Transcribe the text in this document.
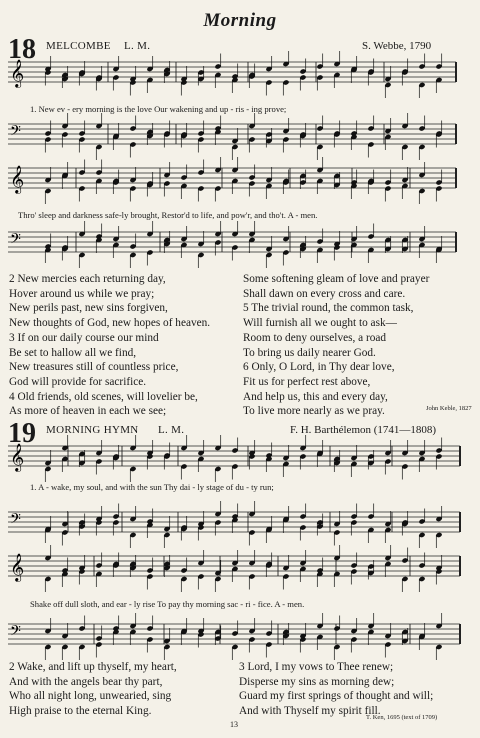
Morning
18 MELCOMBE L. M.	S. Webbe, 1790
𝄞
𝄢
𝄞
𝄢
𝄞
𝄢
𝄞
𝄢
1. New ev - ery morning is the love Our wakening and up - ris - ing prove;
Thro' sleep and darkness safe-ly brought, Restor'd to life, and pow'r, and tho't. A - men.
2 New mercies each returning day,
Hover around us while we pray;
New perils past, new sins forgiven,
New thoughts of God, new hopes of heaven.
3 If on our daily course our mind
Be set to hallow all we find,
New treasures still of countless price,
God will provide for sacrifice.
4 Old friends, old scenes, will lovelier be,
As more of heaven in each we see;
Some softening gleam of love and prayer
Shall dawn on every cross and care.
5 The trivial round, the common task,
Will furnish all we ought to ask—
Room to deny ourselves, a road
To bring us daily nearer God.
6 Only, O Lord, in Thy dear love,
Fit us for perfect rest above,
And help us, this and every day,
To live more nearly as we pray.	John Keble, 1827
19 MORNING HYMN L. M.	F. H. Barthélemon (1741—1808)
1. A - wake, my soul, and with the sun Thy dai - ly stage of du - ty run;
Shake off dull sloth, and ear - ly rise To pay thy morning sac - ri - fice. A - men.
2 Wake, and lift up thyself, my heart,
And with the angels bear thy part,
Who all night long, unwearied, sing
High praise to the eternal King.
3 Lord, I my vows to Thee renew;
Disperse my sins as morning dew;
Guard my first springs of thought and will;
And with Thyself my spirit fill.
T. Ken, 1695 (text of 1709)
13
